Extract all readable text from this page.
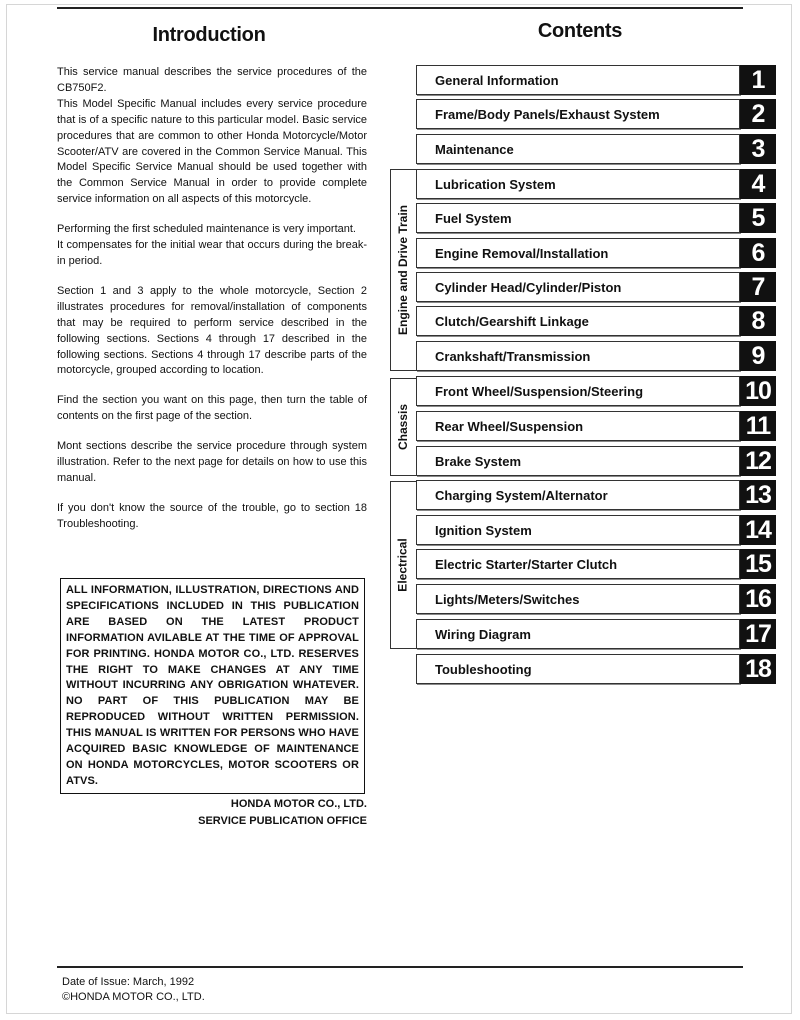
Introduction	Contents

This service manual describes the service procedures of the CB750F2.

This Model Specific Manual includes every service procedure that is of a specific nature to this particular model. Basic service procedures that are common to other Honda Motorcycle/Motor Scooter/ATV are covered in the Common Service Manual. This Model Specific Service Manual should be used together with the Common Service Manual in order to provide complete service information on all aspects of this motorcycle.

Performing the first scheduled maintenance is very important.

It compensates for the initial wear that occurs during the break-in period.

Section 1 and 3 apply to the whole motorcycle, Section 2 illustrates procedures for removal/installation of components that may be required to perform service described in the following sections. Sections 4 through 17 described in the following sections. Sections 4 through 17 describe parts of the motorcycle, grouped according to location.

Find the section you want on this page, then turn the table of contents on the first page of the section.

Mont sections describe the service procedure through system illustration. Refer to the next page for details on how to use this manual.

If you don't know the source of the trouble, go to section 18 Troubleshooting.

ALL INFORMATION, ILLUSTRATION, DIRECTIONS AND SPECIFICATIONS INCLUDED IN THIS PUBLICATION ARE BASED ON THE LATEST PRODUCT INFORMATION AVILABLE AT THE TIME OF APPROVAL FOR PRINTING. HONDA MOTOR CO., LTD. RESERVES THE RIGHT TO MAKE CHANGES AT ANY TIME WITHOUT INCURRING ANY OBRIGATION WHATEVER. NO PART OF THIS PUBLICATION MAY BE REPRODUCED WITHOUT WRITTEN PERMISSION. THIS MANUAL IS WRITTEN FOR PERSONS WHO HAVE ACQUIRED BASIC KNOWLEDGE OF MAINTENANCE ON HONDA MOTORCYCLES, MOTOR SCOOTERS OR ATVS.
HONDA MOTOR CO., LTD.
SERVICE PUBLICATION OFFICE
Engine and Drive Train
Chassis
Electrical
General Information	1
Frame/Body Panels/Exhaust System	2
Maintenance	3
Lubrication System	4
Fuel System	5
Engine Removal/Installation	6
Cylinder Head/Cylinder/Piston	7
Clutch/Gearshift Linkage	8
Crankshaft/Transmission	9
Front Wheel/Suspension/Steering	10
Rear Wheel/Suspension	11
Brake System	12
Charging System/Alternator	13
Ignition System	14
Electric Starter/Starter Clutch	15
Lights/Meters/Switches	16
Wiring Diagram	17
Toubleshooting	18
Date of Issue: March, 1992
©HONDA MOTOR CO., LTD.
